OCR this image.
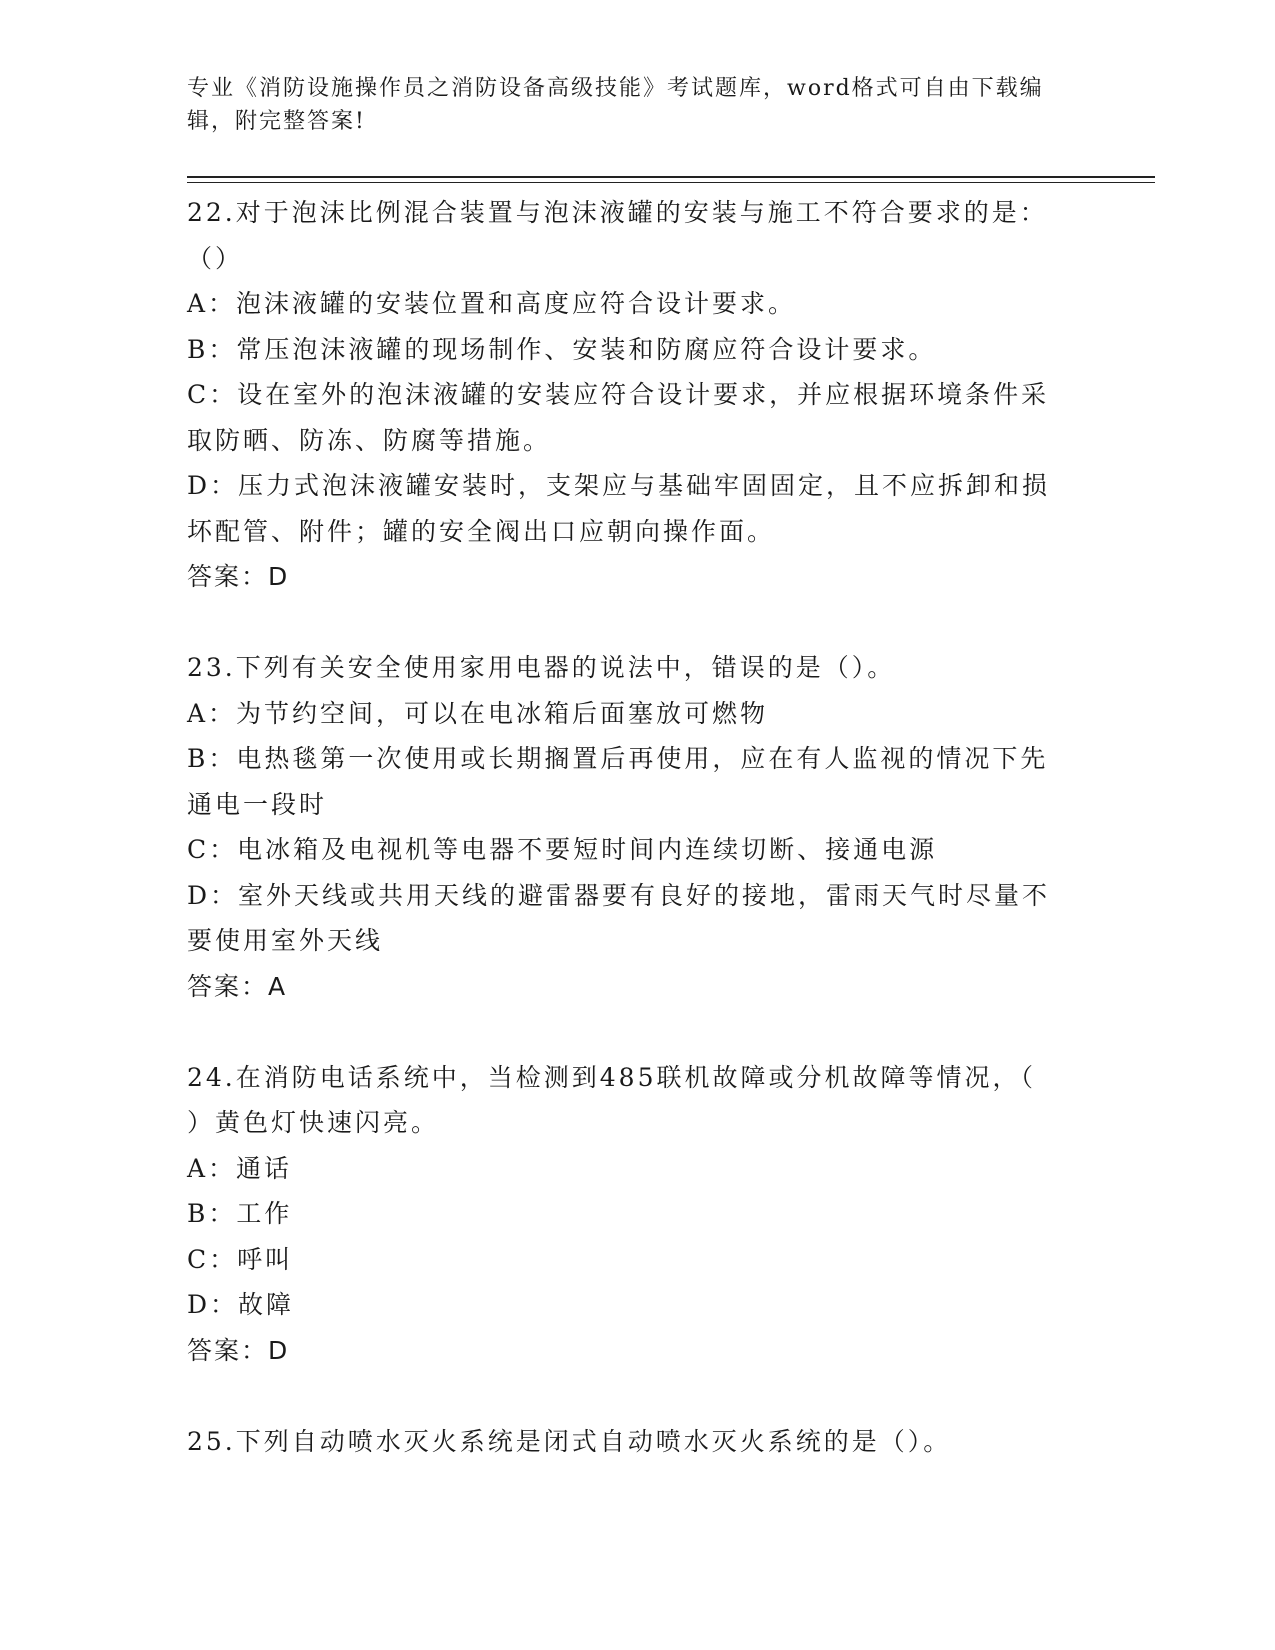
专业《消防设施操作员之消防设备高级技能》考试题库，word格式可自由下载编
辑，附完整答案!

22.对于泡沫比例混合装置与泡沫液罐的安装与施工不符合要求的是：

（）

A：泡沫液罐的安装位置和高度应符合设计要求。

B：常压泡沫液罐的现场制作、安装和防腐应符合设计要求。

C：设在室外的泡沫液罐的安装应符合设计要求，并应根据环境条件采

取防晒、防冻、防腐等措施。

D：压力式泡沫液罐安装时，支架应与基础牢固固定，且不应拆卸和损

坏配管、附件；罐的安全阀出口应朝向操作面。

答案：D

23.下列有关安全使用家用电器的说法中，错误的是（）。

A：为节约空间，可以在电冰箱后面塞放可燃物

B：电热毯第一次使用或长期搁置后再使用，应在有人监视的情况下先

通电一段时

C：电冰箱及电视机等电器不要短时间内连续切断、接通电源

D：室外天线或共用天线的避雷器要有良好的接地，雷雨天气时尽量不

要使用室外天线

答案：A

24.在消防电话系统中，当检测到485联机故障或分机故障等情况，（

）黄色灯快速闪亮。

A：通话

B：工作

C：呼叫

D：故障

答案：D

25.下列自动喷水灭火系统是闭式自动喷水灭火系统的是（）。
